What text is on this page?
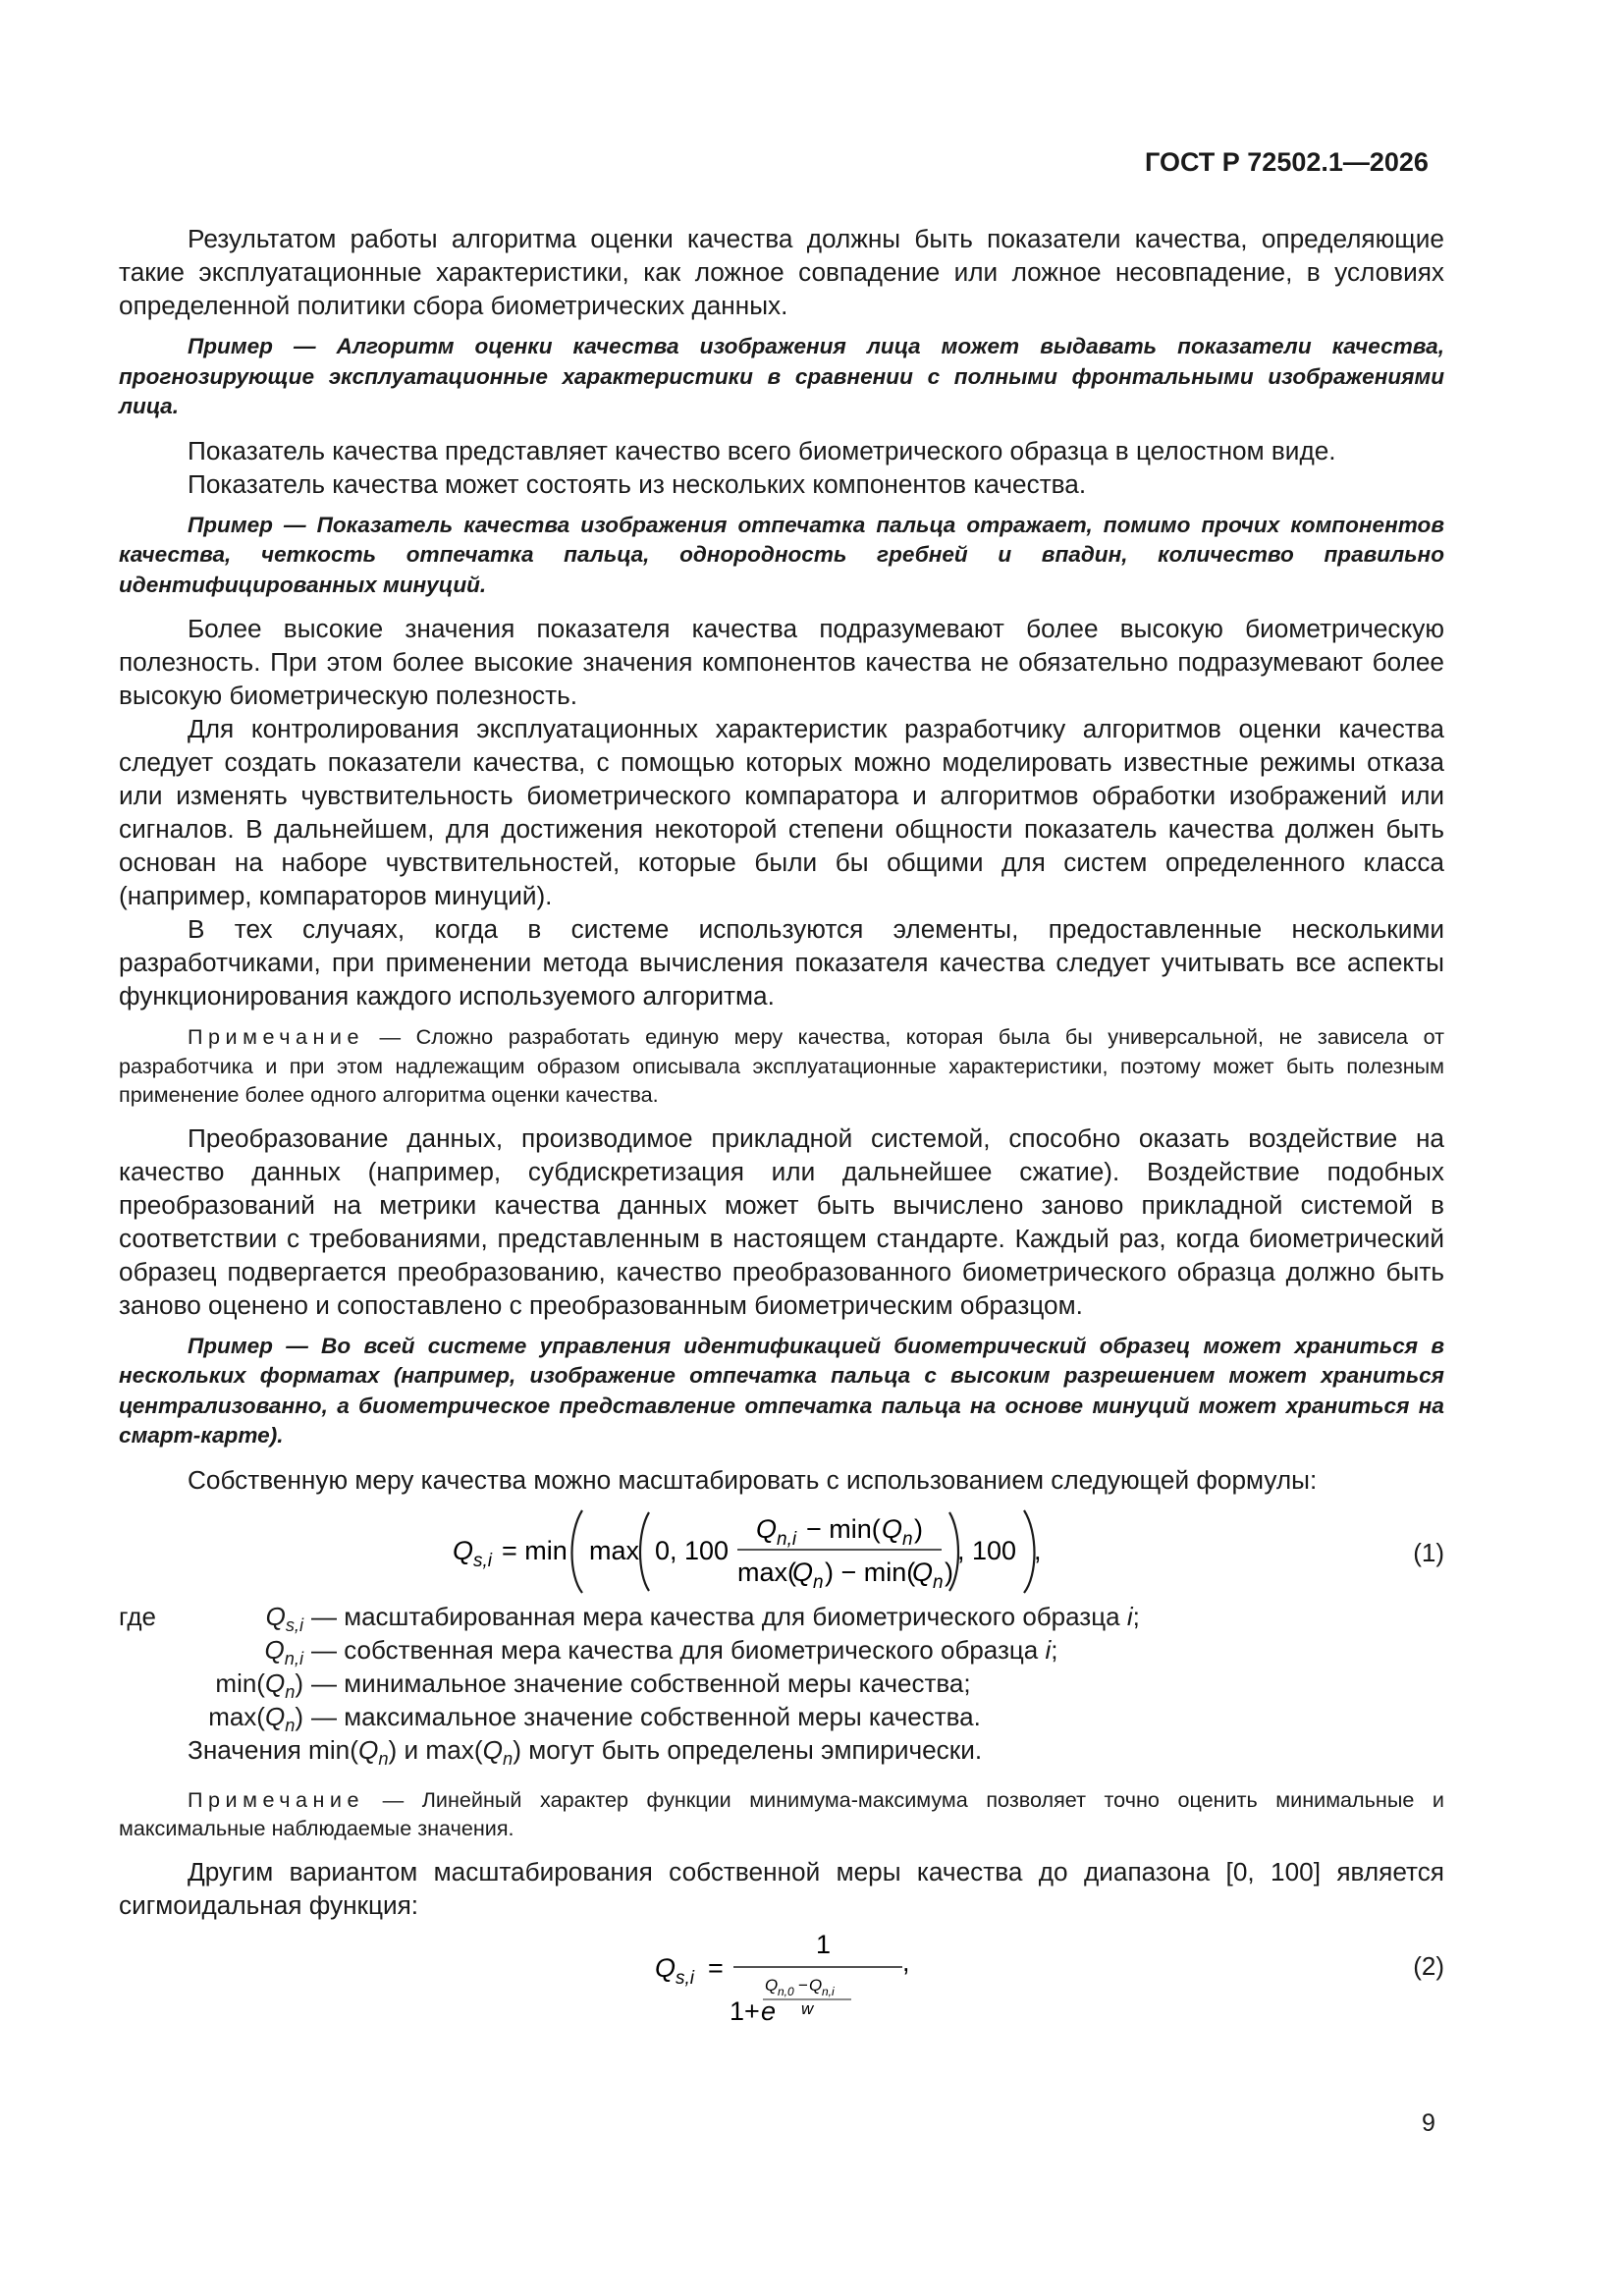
ГОСТ Р 72502.1—2026

Результатом работы алгоритма оценки качества должны быть показатели качества, определяющие такие эксплуатационные характеристики, как ложное совпадение или ложное несовпадение, в условиях определенной политики сбора биометрических данных.

Пример — Алгоритм оценки качества изображения лица может выдавать показатели качества, прогнозирующие эксплуатационные характеристики в сравнении с полными фронтальными изображениями лица.

Показатель качества представляет качество всего биометрического образца в целостном виде.

Показатель качества может состоять из нескольких компонентов качества.

Пример — Показатель качества изображения отпечатка пальца отражает, помимо прочих компонентов качества, четкость отпечатка пальца, однородность гребней и впадин, количество правильно идентифицированных минуций.

Более высокие значения показателя качества подразумевают более высокую биометрическую полезность. При этом более высокие значения компонентов качества не обязательно подразумевают более высокую биометрическую полезность.

Для контролирования эксплуатационных характеристик разработчику алгоритмов оценки качества следует создать показатели качества, с помощью которых можно моделировать известные режимы отказа или изменять чувствительность биометрического компаратора и алгоритмов обработки изображений или сигналов. В дальнейшем, для достижения некоторой степени общности показатель качества должен быть основан на наборе чувствительностей, которые были бы общими для систем определенного класса (например, компараторов минуций).

В тех случаях, когда в системе используются элементы, предоставленные несколькими разработчиками, при применении метода вычисления показателя качества следует учитывать все аспекты функционирования каждого используемого алгоритма.

Примечание — Сложно разработать единую меру качества, которая была бы универсальной, не зависела от разработчика и при этом надлежащим образом описывала эксплуатационные характеристики, поэтому может быть полезным применение более одного алгоритма оценки качества.

Преобразование данных, производимое прикладной системой, способно оказать воздействие на качество данных (например, субдискретизация или дальнейшее сжатие). Воздействие подобных преобразований на метрики качества данных может быть вычислено заново прикладной системой в соответствии с требованиями, представленным в настоящем стандарте. Каждый раз, когда биометрический образец подвергается преобразованию, качество преобразованного биометрического образца должно быть заново оценено и сопоставлено с преобразованным биометрическим образцом.

Пример — Во всей системе управления идентификацией биометрический образец может храниться в нескольких форматах (например, изображение отпечатка пальца с высоким разрешением может храниться централизованно, а биометрическое представление отпечатка пальца на основе минуций может храниться на смарт-карте).

Собственную меру качества можно масштабировать с использованием следующей формулы:

Q s,i = min max 0, 100
Q n,i − min( Q n )
max(
Q n ) − min(
Q n )
, 100 ,	(1)
где	$Q_{s,i}$ — масштабированная мера качества для биометрического образца i;
$Q_{n,i}$ — собственная мера качества для биометрического образца i;
$\min(Q_n)$ — минимальное значение собственной меры качества;
$\max(Q_n)$ — максимальное значение собственной меры качества.

Значения $\min(Q_n)$ и $\max(Q_n)$ могут быть определены эмпирически.

Примечание — Линейный характер функции минимума-максимума позволяет точно оценить минимальные и максимальные наблюдаемые значения.

Другим вариантом масштабирования собственной меры качества до диапазона [0, 100] является сигмоидальная функция:

Q s,i =
1
,
Q n,0 − Q n,i
w
1+ e
(2)
9
